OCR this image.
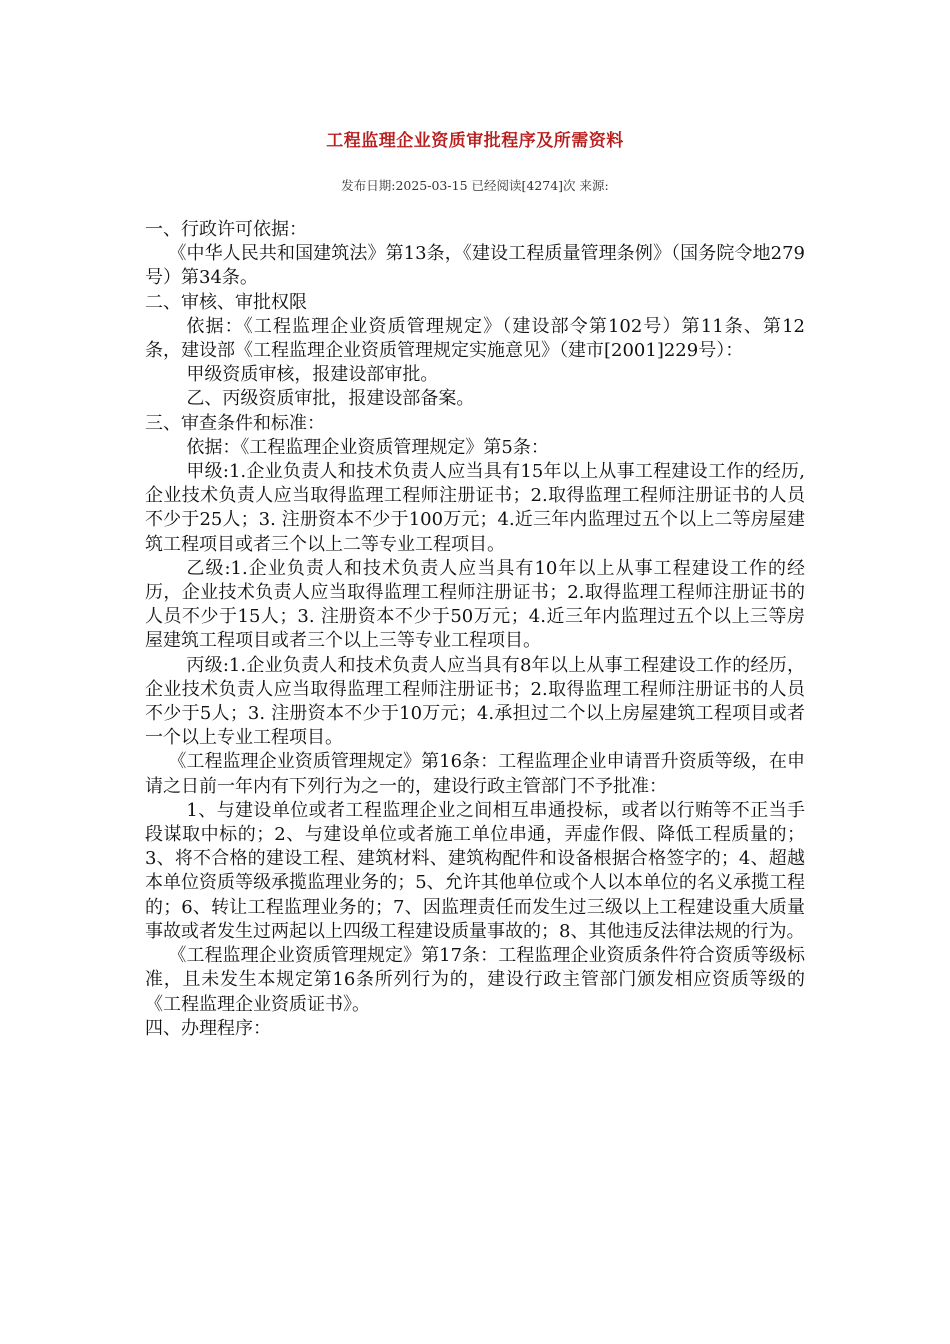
工程监理企业资质审批程序及所需资料
发布日期:2025-03-15 已经阅读[4274]次 来源:

一、行政许可依据：

《中华人民共和国建筑法》第13条，《建设工程质量管理条例》（国务院令地279号）第34条。

二、审核、审批权限

依据：《工程监理企业资质管理规定》（建设部令第102号）第11条、第12条，建设部《工程监理企业资质管理规定实施意见》（建市[2001]229号）：

甲级资质审核，报建设部审批。

乙、丙级资质审批，报建设部备案。

三、审查条件和标准：

依据：《工程监理企业资质管理规定》第5条：

甲级:1.企业负责人和技术负责人应当具有15年以上从事工程建设工作的经历,企业技术负责人应当取得监理工程师注册证书；2.取得监理工程师注册证书的人员不少于25人；3. 注册资本不少于100万元；4.近三年内监理过五个以上二等房屋建筑工程项目或者三个以上二等专业工程项目。

乙级:1.企业负责人和技术负责人应当具有10年以上从事工程建设工作的经历，企业技术负责人应当取得监理工程师注册证书；2.取得监理工程师注册证书的人员不少于15人；3. 注册资本不少于50万元；4.近三年内监理过五个以上三等房屋建筑工程项目或者三个以上三等专业工程项目。

丙级:1.企业负责人和技术负责人应当具有8年以上从事工程建设工作的经历，企业技术负责人应当取得监理工程师注册证书；2.取得监理工程师注册证书的人员不少于5人；3. 注册资本不少于10万元；4.承担过二个以上房屋建筑工程项目或者一个以上专业工程项目。

《工程监理企业资质管理规定》第16条：工程监理企业申请晋升资质等级，在申请之日前一年内有下列行为之一的，建设行政主管部门不予批准：

1、与建设单位或者工程监理企业之间相互串通投标，或者以行贿等不正当手段谋取中标的；2、与建设单位或者施工单位串通，弄虚作假、降低工程质量的；3、将不合格的建设工程、建筑材料、建筑构配件和设备根据合格签字的；4、超越本单位资质等级承揽监理业务的；5、允许其他单位或个人以本单位的名义承揽工程的；6、转让工程监理业务的；7、因监理责任而发生过三级以上工程建设重大质量事故或者发生过两起以上四级工程建设质量事故的；8、其他违反法律法规的行为。

《工程监理企业资质管理规定》第17条：工程监理企业资质条件符合资质等级标准，且未发生本规定第16条所列行为的，建设行政主管部门颁发相应资质等级的《工程监理企业资质证书》。

四、办理程序：
